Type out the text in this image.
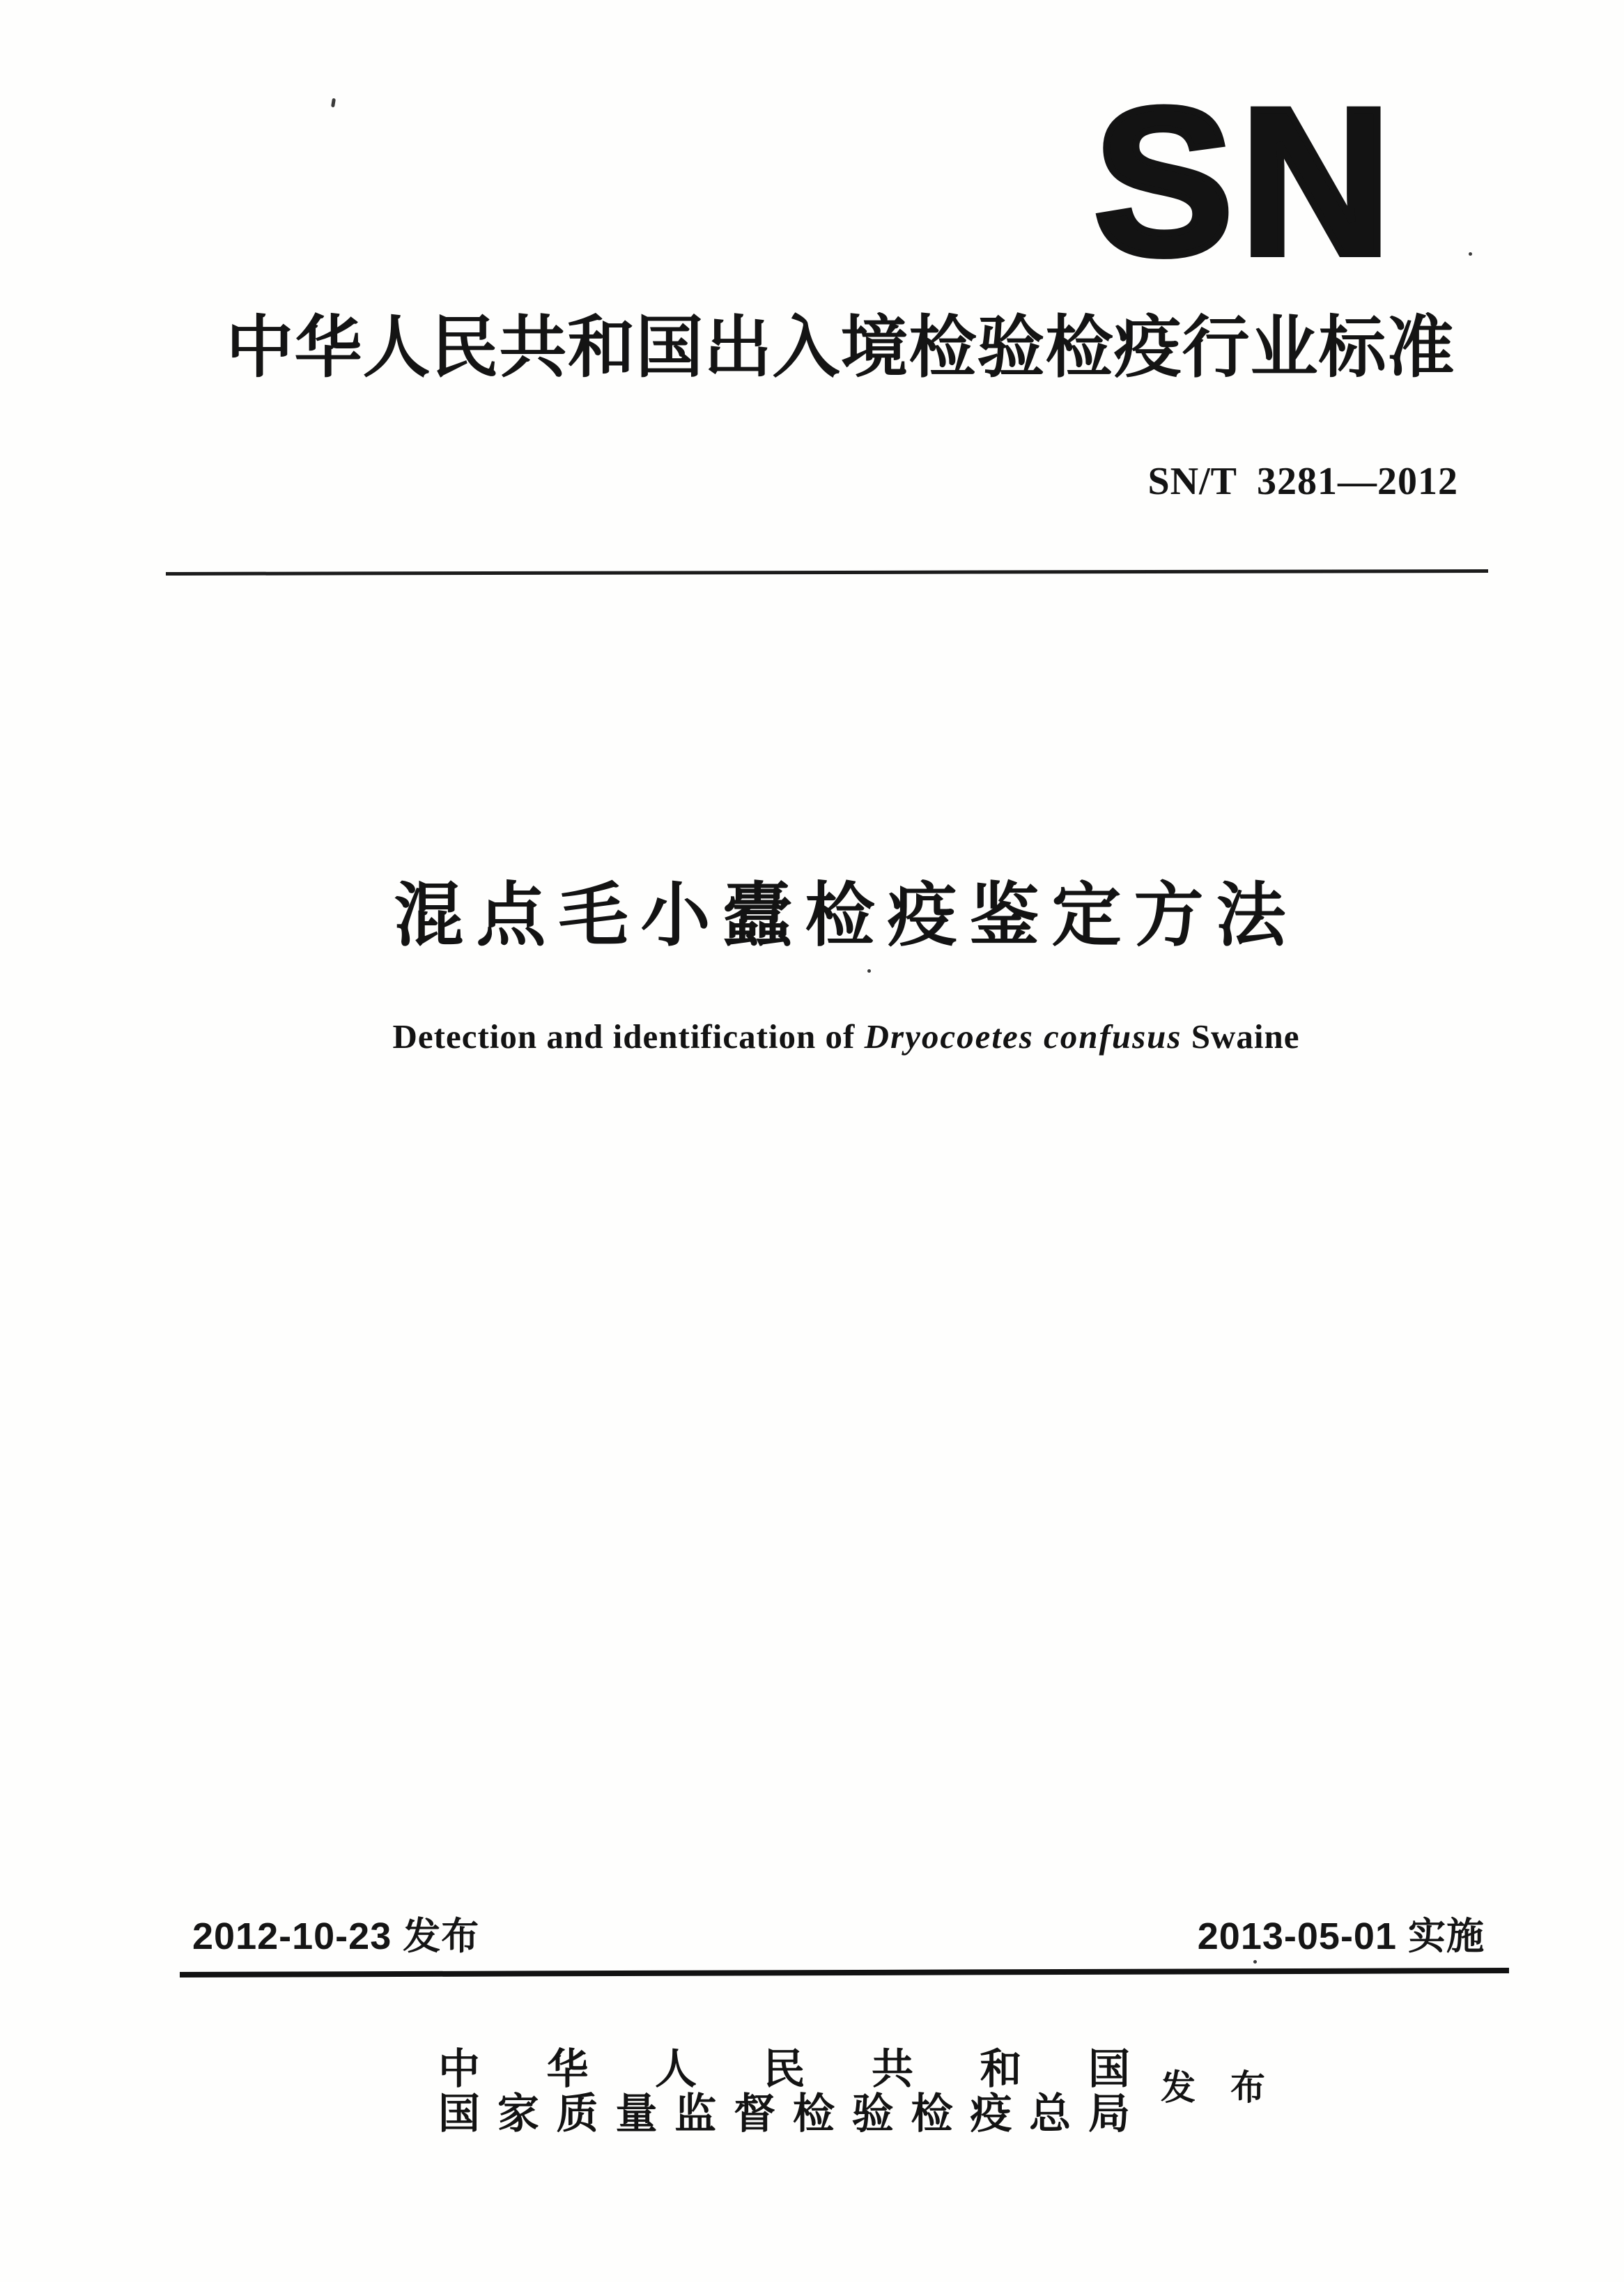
SN
中华人民共和国出入境检验检疫行业标准
SN/T 3281—2012
混点毛小蠹检疫鉴定方法
Detection and identification of Dryocoetes confusus Swaine
2012-10-23 发布	2013-05-01 实施
中 华 人 民 共 和 国
国 家 质 量 监 督 检 验 检 疫 总 局
发 布
